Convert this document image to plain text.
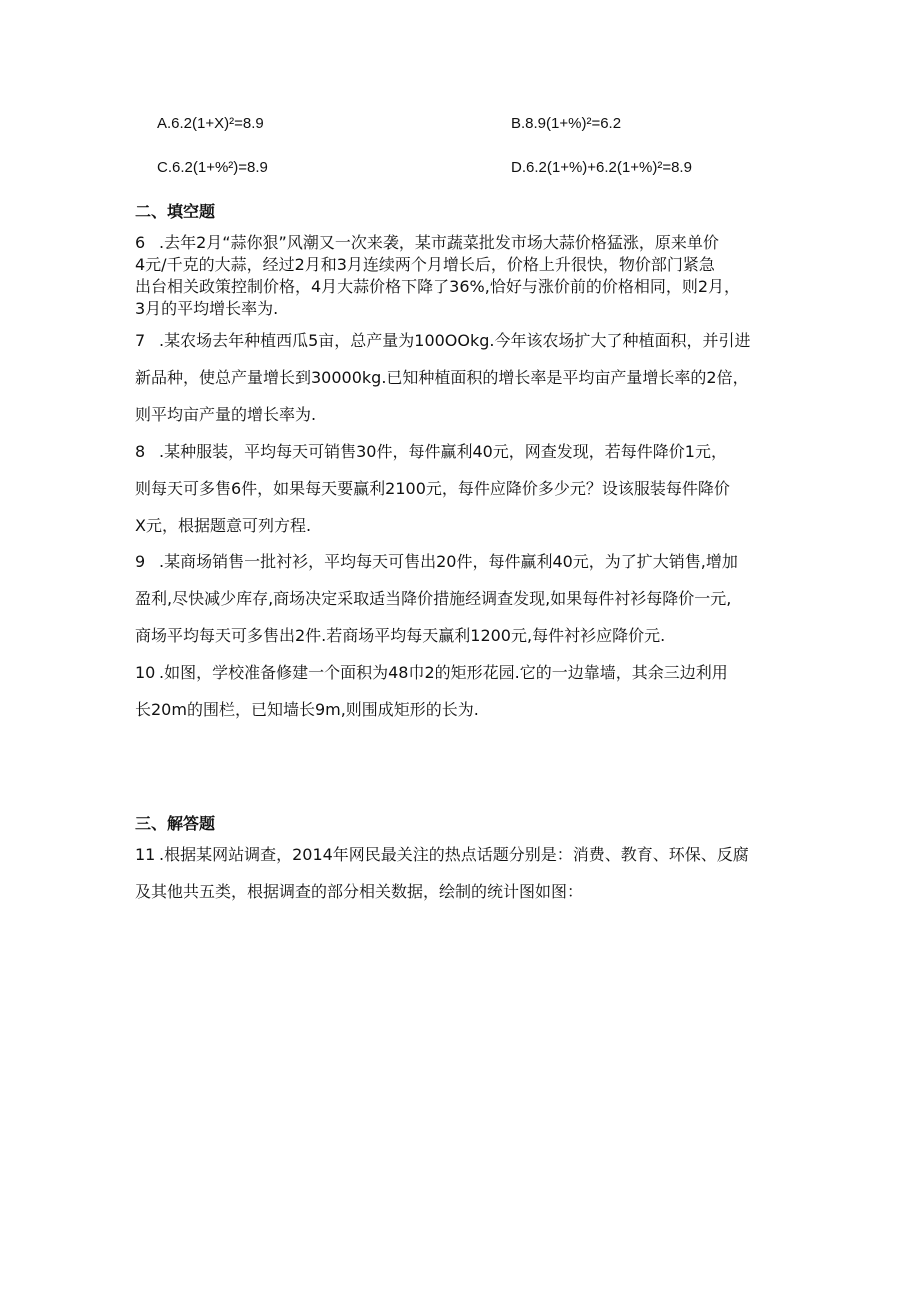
A.6.2(1+X)²=8.9	B.8.9(1+%)²=6.2
C.6.2(1+%²)=8.9	D.6.2(1+%)+6.2(1+%)²=8.9
二、填空题
6 .去年2月“蒜你狠”风潮又一次来袭，某市蔬菜批发市场大蒜价格猛涨，原来单价
4元/千克的大蒜，经过2月和3月连续两个月增长后，价格上升很快，物价部门紧急
出台相关政策控制价格，4月大蒜价格下降了36%,恰好与涨价前的价格相同，则2月，
3月的平均增长率为.
7 .某农场去年种植西瓜5亩，总产量为100OOkg.今年该农场扩大了种植面积，并引进
新品种，使总产量增长到30000kg.已知种植面积的增长率是平均亩产量增长率的2倍，
则平均亩产量的增长率为.
8 .某种服装，平均每天可销售30件，每件赢利40元，网查发现，若每件降价1元，
则每天可多售6件，如果每天要赢利2100元，每件应降价多少元？设该服装每件降价
X元，根据题意可列方程.
9 .某商场销售一批衬衫，平均每天可售出20件，每件赢利40元，为了扩大销售,增加
盈利,尽快减少库存,商场决定采取适当降价措施经调查发现,如果每件衬衫每降价一元,
商场平均每天可多售出2件.若商场平均每天赢利1200元,每件衬衫应降价元.
10 .如图，学校准备修建一个面积为48巾2的矩形花园.它的一边靠墙，其余三边利用
长20m的围栏，已知墙长9m,则围成矩形的长为.
三、解答题
11 .根据某网站调查，2014年网民最关注的热点话题分别是：消费、教育、环保、反腐
及其他共五类，根据调查的部分相关数据，绘制的统计图如图：
